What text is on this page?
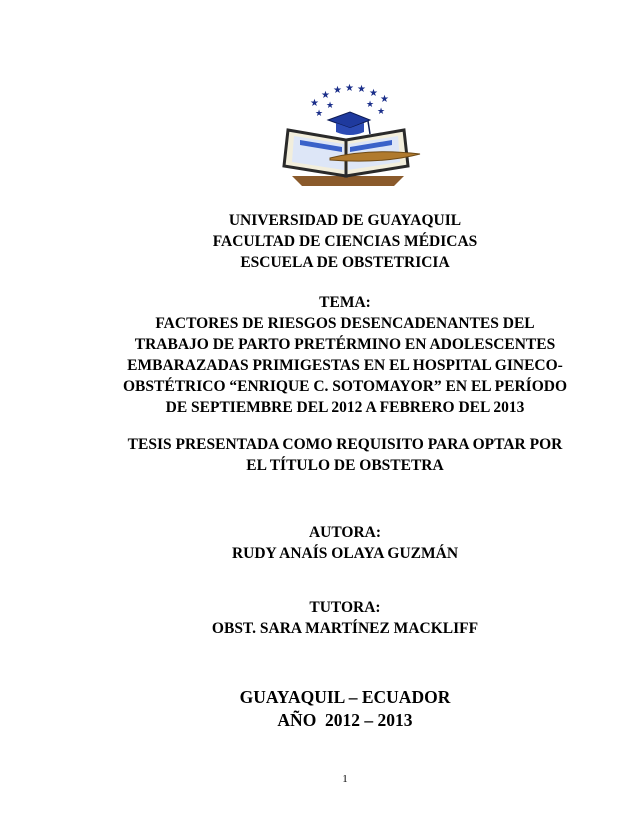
★
★ ★ ★ ★ ★
★
★
★	★
★
UNIVERSIDAD DE GUAYAQUIL
FACULTAD DE CIENCIAS MÉDICAS
ESCUELA DE OBSTETRICIA
TEMA:
FACTORES DE RIESGOS DESENCADENANTES DEL
TRABAJO DE PARTO PRETÉRMINO EN ADOLESCENTES
EMBARAZADAS PRIMIGESTAS EN EL HOSPITAL GINECO-
OBSTÉTRICO “ENRIQUE C. SOTOMAYOR” EN EL PERÍODO
DE SEPTIEMBRE DEL 2012 A FEBRERO DEL 2013
TESIS PRESENTADA COMO REQUISITO PARA OPTAR POR
EL TÍTULO DE OBSTETRA
AUTORA:
RUDY ANAÍS OLAYA GUZMÁN
TUTORA:
OBST. SARA MARTÍNEZ MACKLIFF
GUAYAQUIL – ECUADOR
AÑO  2012 – 2013
1
